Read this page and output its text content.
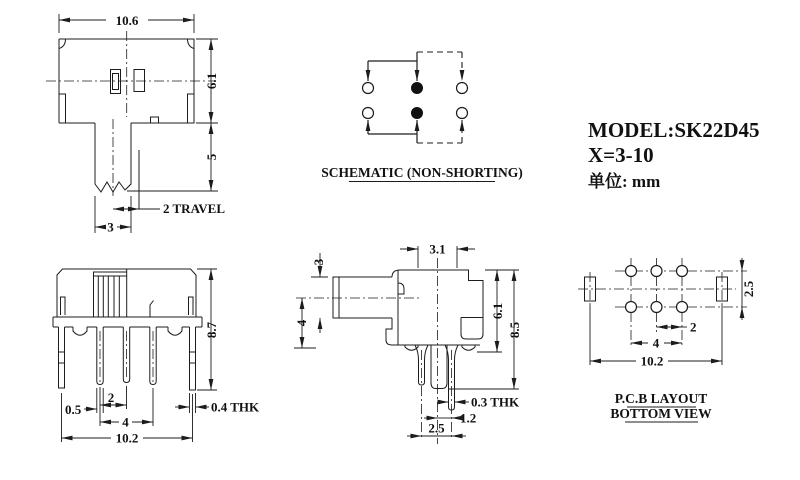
10.6
6.1
5
2 TRAVEL
3
SCHEMATIC (NON-SHORTING)
MODEL:SK22D45
X=3-10
单位: mm
8.7
0.5
2
4
10.2
0.4 THK
3.1
3
4
6.1
8.5
0.3 THK
1.2
2.5
2.5
2
4
10.2
P.C.B LAYOUT
BOTTOM VIEW
